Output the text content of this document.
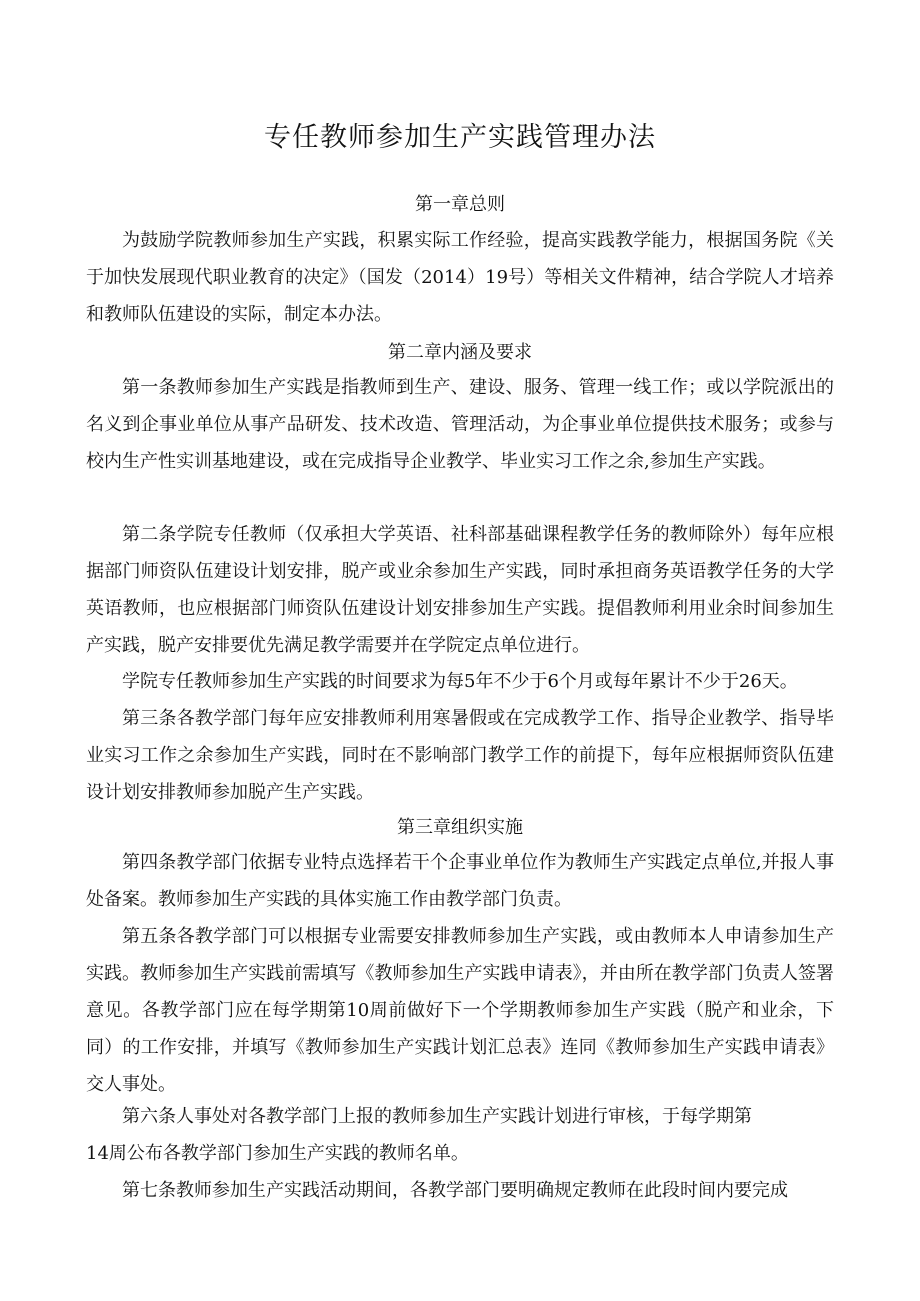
专任教师参加生产实践管理办法
第一章总则

为鼓励学院教师参加生产实践，积累实际工作经验，提高实践教学能力，根据国务院《关于加快发展现代职业教育的决定》（国发（2014）19号）等相关文件精神，结合学院人才培养和教师队伍建设的实际，制定本办法。

第二章内涵及要求

第一条教师参加生产实践是指教师到生产、建设、服务、管理一线工作；或以学院派出的名义到企事业单位从事产品研发、技术改造、管理活动，为企事业单位提供技术服务；或参与校内生产性实训基地建设，或在完成指导企业教学、毕业实习工作之余,参加生产实践。

第二条学院专任教师（仅承担大学英语、社科部基础课程教学任务的教师除外）每年应根据部门师资队伍建设计划安排，脱产或业余参加生产实践，同时承担商务英语教学任务的大学英语教师，也应根据部门师资队伍建设计划安排参加生产实践。提倡教师利用业余时间参加生产实践，脱产安排要优先满足教学需要并在学院定点单位进行。

学院专任教师参加生产实践的时间要求为每5年不少于6个月或每年累计不少于26天。

第三条各教学部门每年应安排教师利用寒暑假或在完成教学工作、指导企业教学、指导毕业实习工作之余参加生产实践，同时在不影响部门教学工作的前提下，每年应根据师资队伍建设计划安排教师参加脱产生产实践。

第三章组织实施

第四条教学部门依据专业特点选择若干个企事业单位作为教师生产实践定点单位,并报人事处备案。教师参加生产实践的具体实施工作由教学部门负责。

第五条各教学部门可以根据专业需要安排教师参加生产实践，或由教师本人申请参加生产实践。教师参加生产实践前需填写《教师参加生产实践申请表》，并由所在教学部门负责人签署意见。各教学部门应在每学期第10周前做好下一个学期教师参加生产实践（脱产和业余，下同）的工作安排，并填写《教师参加生产实践计划汇总表》连同《教师参加生产实践申请表》交人事处。

第六条人事处对各教学部门上报的教师参加生产实践计划进行审核，于每学期第

14周公布各教学部门参加生产实践的教师名单。

第七条教师参加生产实践活动期间，各教学部门要明确规定教师在此段时间内要完成
